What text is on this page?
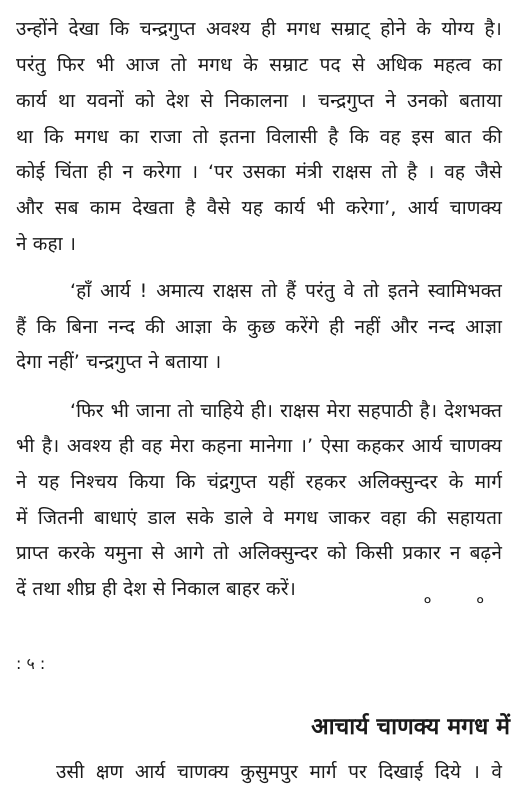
उन्होंने देखा कि चन्द्रगुप्त अवश्य ही मगध सम्राट् होने के योग्य है।
परंतु फिर भी आज तो मगध के सम्राट पद से अधिक महत्व का
कार्य था यवनों को देश से निकालना । चन्द्रगुप्त ने उनको बताया
था कि मगध का राजा तो इतना विलासी है कि वह इस बात की
कोई चिंता ही न करेगा । ‘पर उसका मंत्री राक्षस तो है । वह जैसे
और सब काम देखता है वैसे यह कार्य भी करेगा’, आर्य चाणक्य
ने कहा ।
‘हाँ आर्य ! अमात्य राक्षस तो हैं परंतु वे तो इतने स्वामिभक्त
हैं कि बिना नन्द की आज्ञा के कुछ करेंगे ही नहीं और नन्द आज्ञा
देगा नहीं’ चन्द्रगुप्त ने बताया ।
‘फिर भी जाना तो चाहिये ही। राक्षस मेरा सहपाठी है। देशभक्त
भी है। अवश्य ही वह मेरा कहना मानेगा ।’ ऐसा कहकर आर्य चाणक्य
ने यह निश्चय किया कि चंद्रगुप्त यहीं रहकर अलिक्सुन्दर के मार्ग
में जितनी बाधाएं डाल सके डाले वे मगध जाकर वहा की सहायता
प्राप्त करके यमुना से आगे तो अलिक्सुन्दर को किसी प्रकार न बढ़ने
दें तथा शीघ्र ही देश से निकाल बाहर करें।	० ०
: ५ :
आचार्य चाणक्य मगध में
उसी क्षण आर्य चाणक्य कुसुमपुर मार्ग पर दिखाई दिये । वे
